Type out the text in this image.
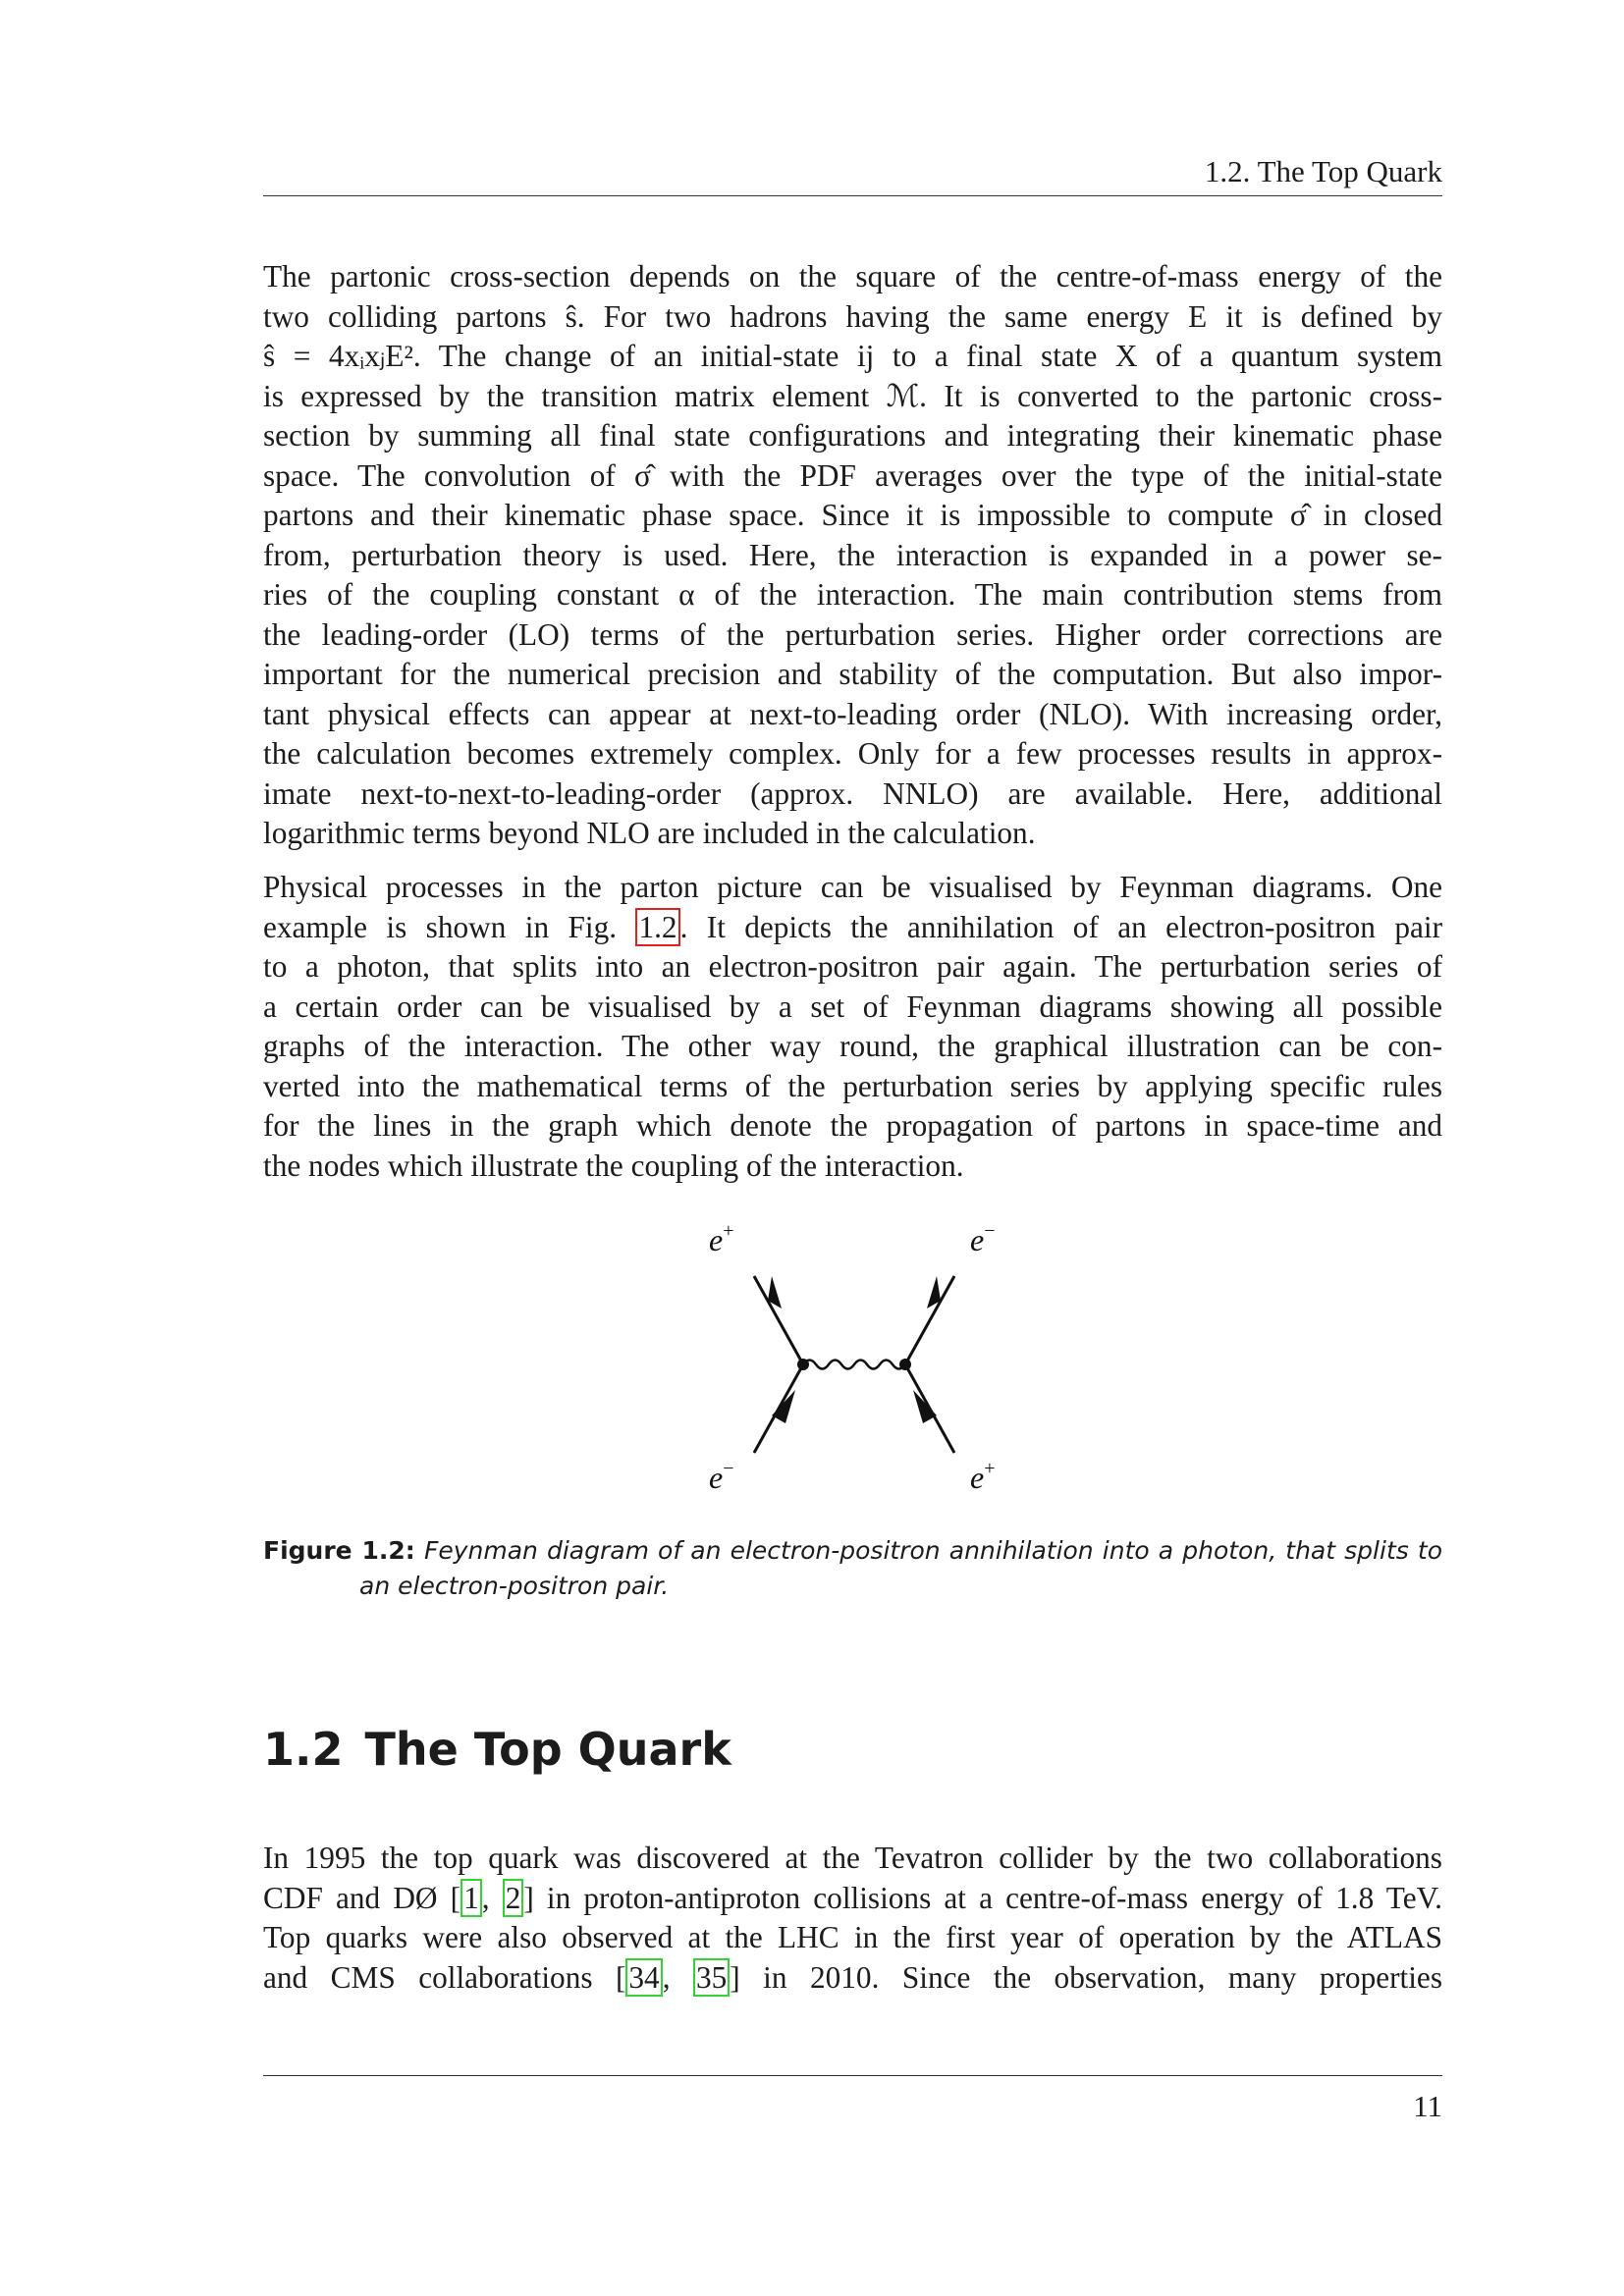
1.2. The Top Quark
The partonic cross-section depends on the square of the centre-of-mass energy of the
two colliding partons ŝ. For two hadrons having the same energy E it is defined by
ŝ = 4xᵢxⱼE². The change of an initial-state ij to a final state X of a quantum system
is expressed by the transition matrix element ℳ. It is converted to the partonic cross-
section by summing all final state configurations and integrating their kinematic phase
space. The convolution of σ̂ with the PDF averages over the type of the initial-state
partons and their kinematic phase space. Since it is impossible to compute σ̂ in closed
from, perturbation theory is used. Here, the interaction is expanded in a power se-
ries of the coupling constant α of the interaction. The main contribution stems from
the leading-order (LO) terms of the perturbation series. Higher order corrections are
important for the numerical precision and stability of the computation. But also impor-
tant physical effects can appear at next-to-leading order (NLO). With increasing order,
the calculation becomes extremely complex. Only for a few processes results in approx-
imate next-to-next-to-leading-order (approx. NNLO) are available. Here, additional
logarithmic terms beyond NLO are included in the calculation.
Physical processes in the parton picture can be visualised by Feynman diagrams. One
example is shown in Fig. 1.2. It depicts the annihilation of an electron-positron pair
to a photon, that splits into an electron-positron pair again. The perturbation series of
a certain order can be visualised by a set of Feynman diagrams showing all possible
graphs of the interaction. The other way round, the graphical illustration can be con-
verted into the mathematical terms of the perturbation series by applying specific rules
for the lines in the graph which denote the propagation of partons in space-time and
the nodes which illustrate the coupling of the interaction.
e+	e−
e−	e+
Figure 1.2: Feynman diagram of an electron-positron annihilation into a photon, that splits to
an electron-positron pair.
1.2 The Top Quark
In 1995 the top quark was discovered at the Tevatron collider by the two collaborations
CDF and DØ [1, 2] in proton-antiproton collisions at a centre-of-mass energy of 1.8 TeV.
Top quarks were also observed at the LHC in the first year of operation by the ATLAS
and CMS collaborations [34, 35] in 2010. Since the observation, many properties
11
